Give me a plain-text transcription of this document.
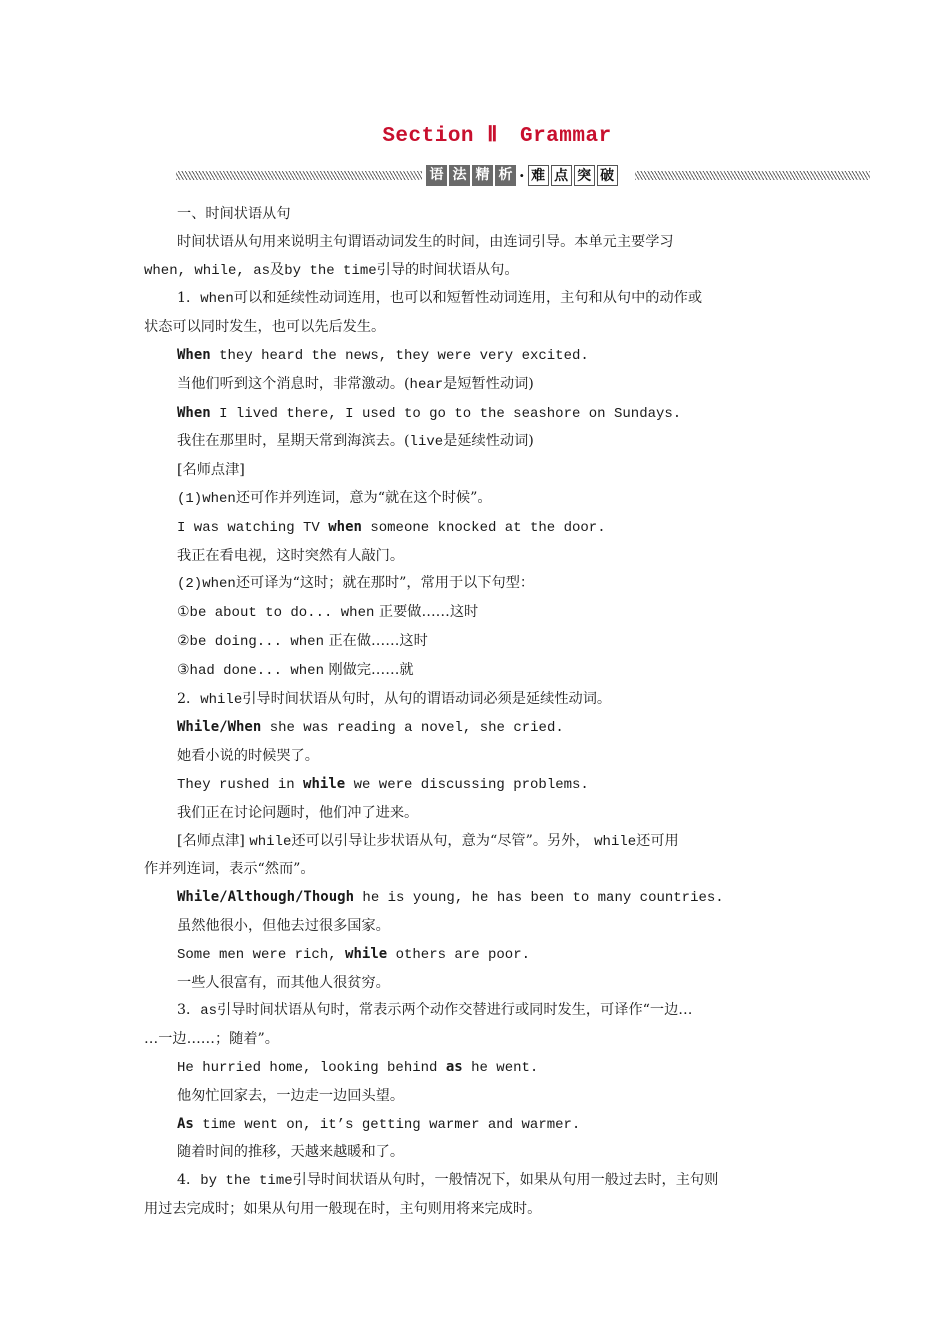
Section Ⅱ Grammar
语 法 精 析 · 难 点 突 破

一、时间状语从句

时间状语从句用来说明主句谓语动词发生的时间，由连词引导。本单元主要学习
when, while, as及by the time引导的时间状语从句。

1．when可以和延续性动词连用，也可以和短暂性动词连用，主句和从句中的动作或
状态可以同时发生，也可以先后发生。

When they heard the news, they were very excited.

当他们听到这个消息时，非常激动。(hear是短暂性动词)

When I lived there, I used to go to the seashore on Sundays.

我住在那里时，星期天常到海滨去。(live是延续性动词)

[名师点津]

(1)when还可作并列连词，意为“就在这个时候”。

I was watching TV when someone knocked at the door.

我正在看电视，这时突然有人敲门。

(2)when还可译为“这时；就在那时”，常用于以下句型：

①be about to do... when 正要做……这时

②be doing... when 正在做……这时

③had done... when 刚做完……就

2．while引导时间状语从句时，从句的谓语动词必须是延续性动词。

While/When she was reading a novel, she cried.

她看小说的时候哭了。

They rushed in while we were discussing problems.

我们正在讨论问题时，他们冲了进来。

[名师点津] while还可以引导让步状语从句，意为“尽管”。另外， while还可用
作并列连词，表示“然而”。

While/Although/Though he is young, he has been to many countries.

虽然他很小，但他去过很多国家。

Some men were rich, while others are poor.

一些人很富有，而其他人很贫穷。

3．as引导时间状语从句时，常表示两个动作交替进行或同时发生，可译作“一边…
…一边……；随着”。

He hurried home, looking behind as he went.

他匆忙回家去，一边走一边回头望。

As time went on, it’s getting warmer and warmer.

随着时间的推移，天越来越暖和了。

4．by the time引导时间状语从句时，一般情况下，如果从句用一般过去时，主句则
用过去完成时；如果从句用一般现在时，主句则用将来完成时。
